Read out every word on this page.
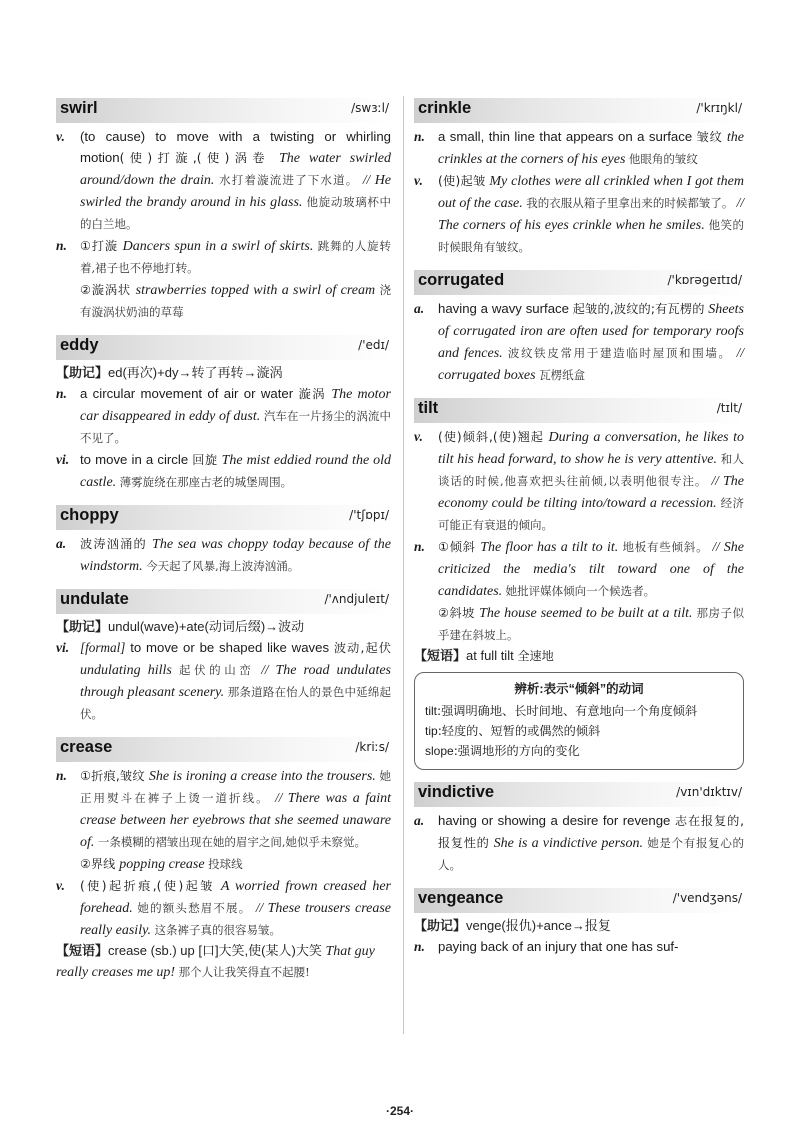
swirl	/swɜːl/
v.	(to cause) to move with a twisting or whirling motion(使)打漩,(使)涡卷 The water swirled around/down the drain. 水打着漩流进了下水道。 // He swirled the brandy around in his glass. 他旋动玻璃杯中的白兰地。
n.	①打漩 Dancers spun in a swirl of skirts. 跳舞的人旋转着,裙子也不停地打转。
②漩涡状 strawberries topped with a swirl of cream 浇有漩涡状奶油的草莓
eddy	/'edɪ/
【助记】ed(再次)+dy→转了再转→漩涡
n. a circular movement of air or water 漩涡 The motor car disappeared in eddy of dust. 汽车在一片扬尘的涡流中不见了。
vi. to move in a circle 回旋 The mist eddied round the old castle. 薄雾旋绕在那座古老的城堡周围。
choppy	/'tʃɒpɪ/
a.	波涛汹涌的 The sea was choppy today because of the windstorm. 今天起了风暴,海上波涛汹涌。
undulate	/'ʌndjuleɪt/
【助记】undul(wave)+ate(动词后缀)→波动
vi. [formal] to move or be shaped like waves 波动,起伏 undulating hills 起伏的山峦 // The road undulates through pleasant scenery. 那条道路在怡人的景色中延绵起伏。
crease	/kriːs/
n.	①折痕,皱纹 She is ironing a crease into the trousers. 她正用熨斗在裤子上烫一道折线。 // There was a faint crease between her eyebrows that she seemed unaware of. 一条模糊的褶皱出现在她的眉宇之间,她似乎未察觉。
②界线 popping crease 投球线
v.	(使)起折痕,(使)起皱 A worried frown creased her forehead. 她的额头愁眉不展。 // These trousers crease really easily. 这条裤子真的很容易皱。
【短语】crease (sb.) up [口]大笑,使(某人)大笑 That guy really creases me up! 那个人让我笑得直不起腰!
crinkle	/'krɪŋkl/
n. a small, thin line that appears on a surface 皱纹 the crinkles at the corners of his eyes 他眼角的皱纹
v.	(使)起皱 My clothes were all crinkled when I got them out of the case. 我的衣服从箱子里拿出来的时候都皱了。 // The corners of his eyes crinkle when he smiles. 他笑的时候眼角有皱纹。
corrugated	/'kɒrəgeɪtɪd/
a.	having a wavy surface 起皱的,波纹的;有瓦楞的 Sheets of corrugated iron are often used for temporary roofs and fences. 波纹铁皮常用于建造临时屋顶和围墙。 // corrugated boxes 瓦楞纸盒
tilt	/tɪlt/
v.	(使)倾斜,(使)翘起 During a conversation, he likes to tilt his head forward, to show he is very attentive. 和人谈话的时候,他喜欢把头往前倾,以表明他很专注。 // The economy could be tilting into/toward a recession. 经济可能正有衰退的倾向。
n.	①倾斜 The floor has a tilt to it. 地板有些倾斜。 // She criticized the media's tilt toward one of the candidates. 她批评媒体倾向一个候选者。
②斜坡 The house seemed to be built at a tilt. 那房子似乎建在斜坡上。
【短语】at full tilt 全速地
辨析:表示“倾斜”的动词
tilt:强调明确地、长时间地、有意地向一个角度倾斜
tip:轻度的、短暂的或偶然的倾斜
slope:强调地形的方向的变化
vindictive	/vɪn'dɪktɪv/
a.	having or showing a desire for revenge 志在报复的,报复性的 She is a vindictive person. 她是个有报复心的人。
vengeance	/'vendʒəns/
【助记】venge(报仇)+ance→报复
n. paying back of an injury that one has suf-
·254·
